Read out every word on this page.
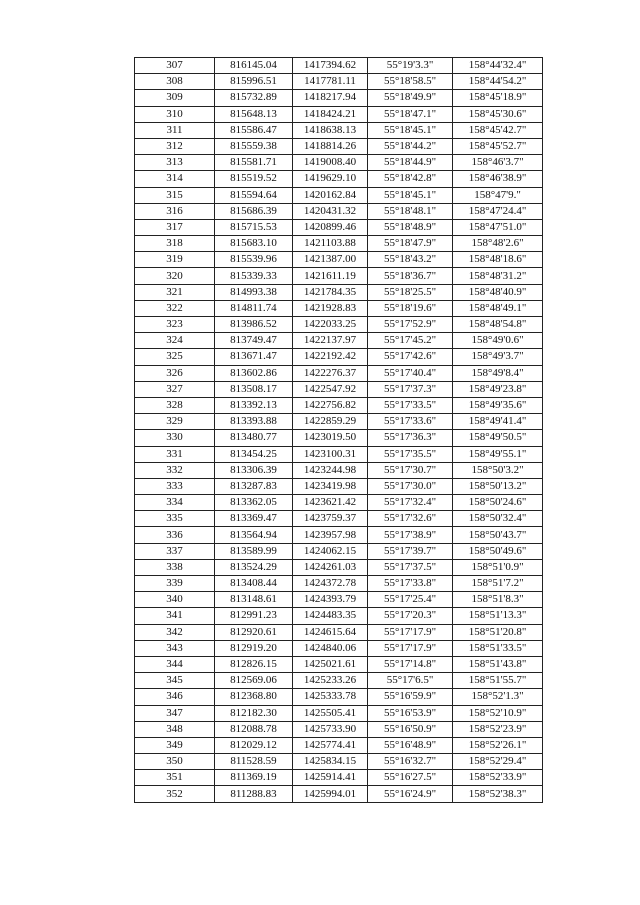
307	816145.04	1417394.62	55°19'3.3"	158°44'32.4"
308	815996.51	1417781.11	55°18'58.5"	158°44'54.2"
309	815732.89	1418217.94	55°18'49.9"	158°45'18.9"
310	815648.13	1418424.21	55°18'47.1"	158°45'30.6"
311	815586.47	1418638.13	55°18'45.1"	158°45'42.7"
312	815559.38	1418814.26	55°18'44.2"	158°45'52.7"
313	815581.71	1419008.40	55°18'44.9"	158°46'3.7"
314	815519.52	1419629.10	55°18'42.8"	158°46'38.9"
315	815594.64	1420162.84	55°18'45.1"	158°47'9."
316	815686.39	1420431.32	55°18'48.1"	158°47'24.4"
317	815715.53	1420899.46	55°18'48.9"	158°47'51.0"
318	815683.10	1421103.88	55°18'47.9"	158°48'2.6"
319	815539.96	1421387.00	55°18'43.2"	158°48'18.6"
320	815339.33	1421611.19	55°18'36.7"	158°48'31.2"
321	814993.38	1421784.35	55°18'25.5"	158°48'40.9"
322	814811.74	1421928.83	55°18'19.6"	158°48'49.1"
323	813986.52	1422033.25	55°17'52.9"	158°48'54.8"
324	813749.47	1422137.97	55°17'45.2"	158°49'0.6"
325	813671.47	1422192.42	55°17'42.6"	158°49'3.7"
326	813602.86	1422276.37	55°17'40.4"	158°49'8.4"
327	813508.17	1422547.92	55°17'37.3"	158°49'23.8"
328	813392.13	1422756.82	55°17'33.5"	158°49'35.6"
329	813393.88	1422859.29	55°17'33.6"	158°49'41.4"
330	813480.77	1423019.50	55°17'36.3"	158°49'50.5"
331	813454.25	1423100.31	55°17'35.5"	158°49'55.1"
332	813306.39	1423244.98	55°17'30.7"	158°50'3.2"
333	813287.83	1423419.98	55°17'30.0"	158°50'13.2"
334	813362.05	1423621.42	55°17'32.4"	158°50'24.6"
335	813369.47	1423759.37	55°17'32.6"	158°50'32.4"
336	813564.94	1423957.98	55°17'38.9"	158°50'43.7"
337	813589.99	1424062.15	55°17'39.7"	158°50'49.6"
338	813524.29	1424261.03	55°17'37.5"	158°51'0.9"
339	813408.44	1424372.78	55°17'33.8"	158°51'7.2"
340	813148.61	1424393.79	55°17'25.4"	158°51'8.3"
341	812991.23	1424483.35	55°17'20.3"	158°51'13.3"
342	812920.61	1424615.64	55°17'17.9"	158°51'20.8"
343	812919.20	1424840.06	55°17'17.9"	158°51'33.5"
344	812826.15	1425021.61	55°17'14.8"	158°51'43.8"
345	812569.06	1425233.26	55°17'6.5"	158°51'55.7"
346	812368.80	1425333.78	55°16'59.9"	158°52'1.3"
347	812182.30	1425505.41	55°16'53.9"	158°52'10.9"
348	812088.78	1425733.90	55°16'50.9"	158°52'23.9"
349	812029.12	1425774.41	55°16'48.9"	158°52'26.1"
350	811528.59	1425834.15	55°16'32.7"	158°52'29.4"
351	811369.19	1425914.41	55°16'27.5"	158°52'33.9"
352	811288.83	1425994.01	55°16'24.9"	158°52'38.3"
